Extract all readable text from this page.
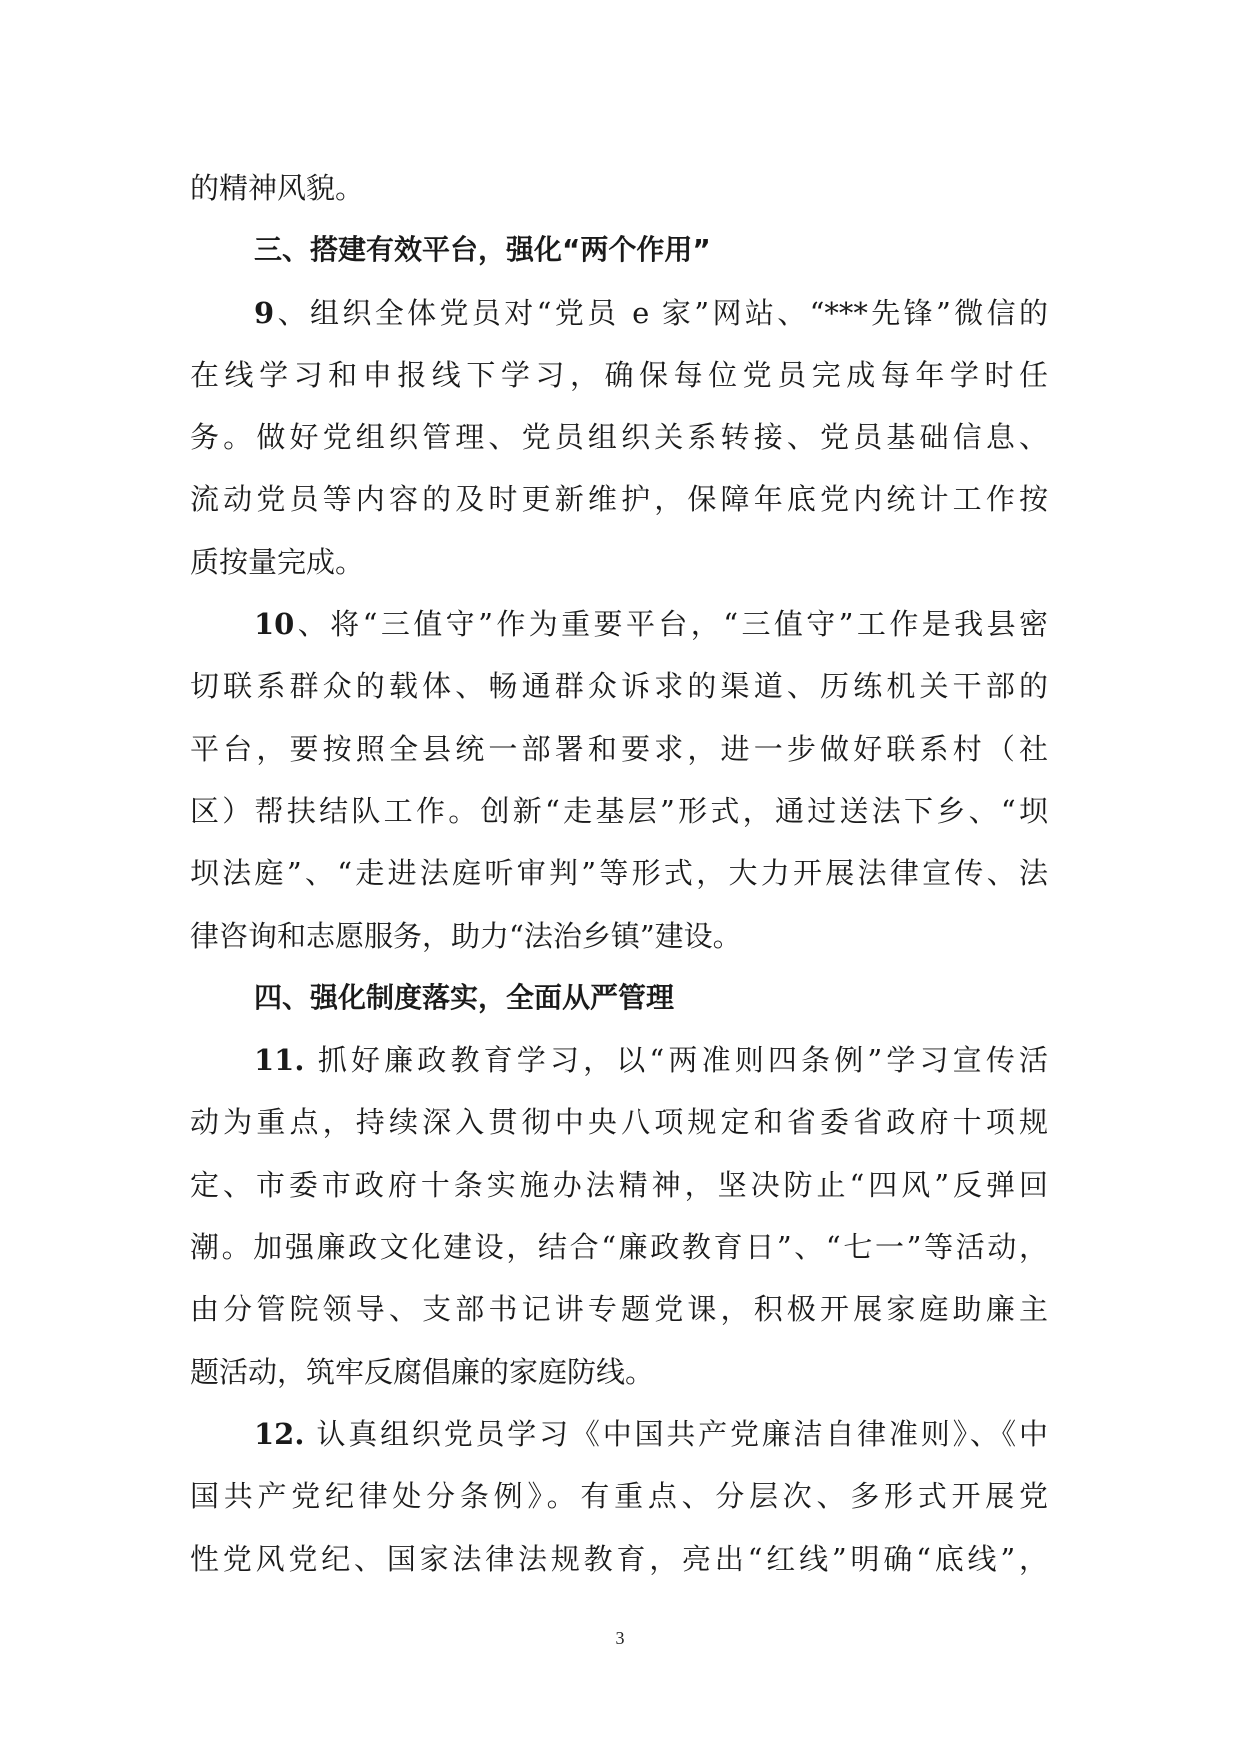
的精神风貌。
三、搭建有效平台，强化“两个作用”
9、组织全体党员对“党员 e 家”网站、“***先锋”微信的
在线学习和申报线下学习，确保每位党员完成每年学时任
务。做好党组织管理、党员组织关系转接、党员基础信息、
流动党员等内容的及时更新维护，保障年底党内统计工作按
质按量完成。
10、将“三值守”作为重要平台，“三值守”工作是我县密
切联系群众的载体、畅通群众诉求的渠道、历练机关干部的
平台，要按照全县统一部署和要求，进一步做好联系村（社
区）帮扶结队工作。创新“走基层”形式，通过送法下乡、“坝
坝法庭”、“走进法庭听审判”等形式，大力开展法律宣传、法
律咨询和志愿服务，助力“法治乡镇”建设。
四、强化制度落实，全面从严管理
11. 抓好廉政教育学习，以“两准则四条例”学习宣传活
动为重点，持续深入贯彻中央八项规定和省委省政府十项规
定、市委市政府十条实施办法精神，坚决防止“四风”反弹回
潮。加强廉政文化建设，结合“廉政教育日”、“七一”等活动，
由分管院领导、支部书记讲专题党课，积极开展家庭助廉主
题活动，筑牢反腐倡廉的家庭防线。
12. 认真组织党员学习《中国共产党廉洁自律准则》、《中
国共产党纪律处分条例》。有重点、分层次、多形式开展党
性党风党纪、国家法律法规教育，亮出“红线”明确“底线”，
3
